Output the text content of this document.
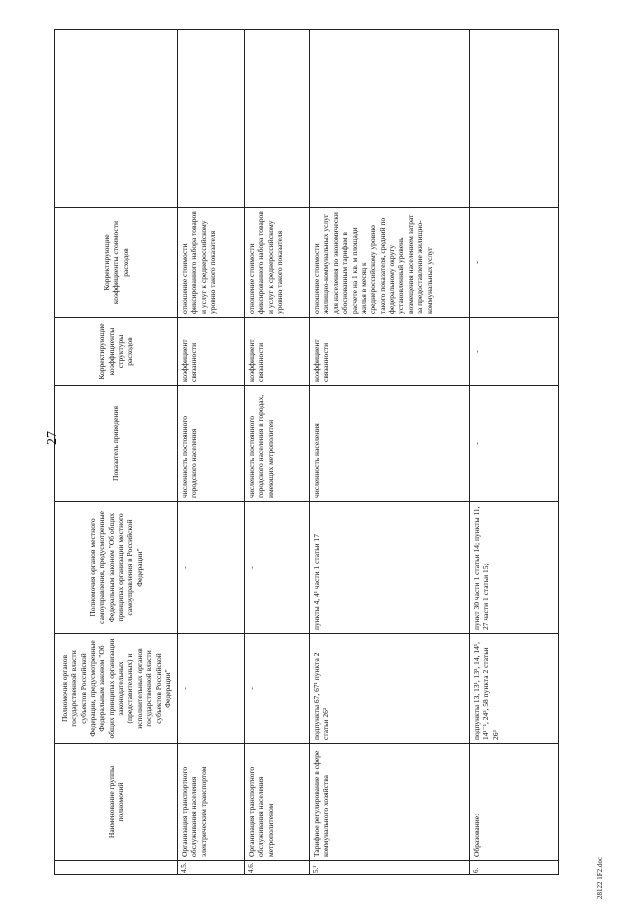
27
28122 1F2.doc
	Наименование группы полномочий	Полномочия органов государственной власти субъектов Российской Федерации, предусмотренные Федеральным законом "Об общих принципах организации законодательных (представительных) и исполнительных органов государственной власти субъектов Российской Федерации"	Полномочия органов местного самоуправления, предусмотренные Федеральным законом "Об общих принципах организации местного самоуправления в Российской Федерации"	Показатель приведения	Корректирующие коэффициенты структуры расходов	Корректирующие коэффициенты стоимости расходов	
4.5.	Организация транспортного обслуживания населения электрическим транспортом	-	-	численность постоянного городского населения	коэффициент связанности	отношение стоимости фиксированного набора товаров и услуг к среднероссийскому уровню такого показателя	
4.6.	Организация транспортного обслуживания населения метрополитеном	-	-	численность постоянного городского населения в городах, имеющих метрополитен	коэффициент связанности	отношение стоимости фиксированного набора товаров и услуг к среднероссийскому уровню такого показателя	
5.¹	Тарифное регулирование в сфере коммунального хозяйства	подпункты 67, 67¹ пункта 2 статьи 26³	пункты 4, 4¹ части 1 статьи 17	численность населения	коэффициент связанности	отношение стоимости жилищно-коммунальных услуг для населения по экономически обоснованным тарифам в расчете на 1 кв. м площади жилья в месяц к среднероссийскому уровню такого показателя, средний по федеральному округу установленный уровень возмещения населением затрат за предоставление жилищно-коммунальных услуг	
6.	Образование:	подпункты 13, 13¹, 13², 14, 14¹, 14¹⁻¹, 24³, 58 пункта 2 статьи 26³	пункт 30 части 1 статьи 14; пункты 11, 27 части 1 статьи 15;	-	-	-	
